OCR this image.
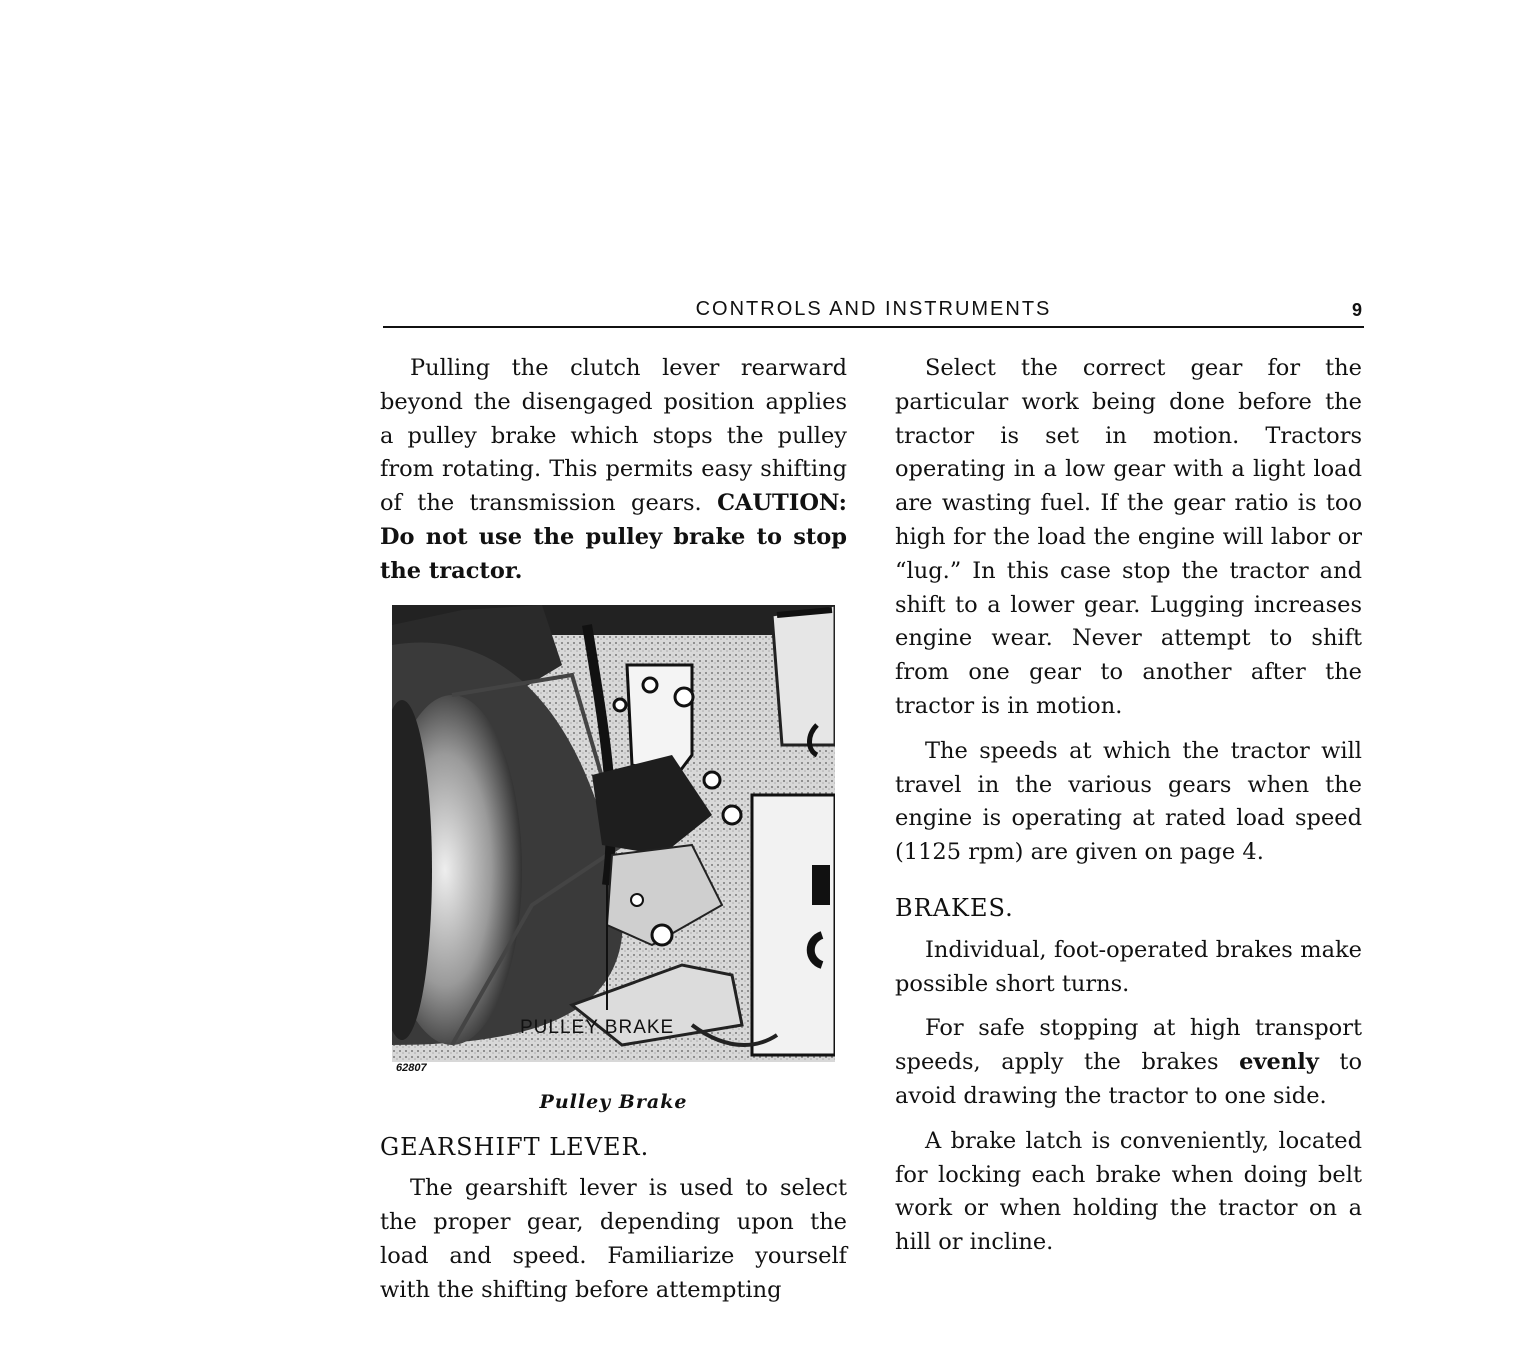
CONTROLS AND INSTRUMENTS	9

Pulling the clutch lever rearward beyond the disengaged position applies a pulley brake which stops the pulley from rotating. This permits easy shifting of the transmission gears. CAUTION: Do not use the pulley brake to stop the tractor.

PULLEY BRAKE
62807
Pulley Brake
GEARSHIFT LEVER.

The gearshift lever is used to select the proper gear, depending upon the load and speed. Familiarize yourself with the shifting before attempting

Select the correct gear for the particular work being done before the tractor is set in motion. Tractors operating in a low gear with a light load are wasting fuel. If the gear ratio is too high for the load the engine will labor or “lug.” In this case stop the tractor and shift to a lower gear. Lugging increases engine wear. Never attempt to shift from one gear to another after the tractor is in motion.

The speeds at which the tractor will travel in the various gears when the engine is operating at rated load speed (1125 rpm) are given on page 4.

BRAKES.

Individual, foot-operated brakes make possible short turns.

For safe stopping at high transport speeds, apply the brakes evenly to avoid drawing the tractor to one side.

A brake latch is conveniently, located for locking each brake when doing belt work or when holding the tractor on a hill or incline.
